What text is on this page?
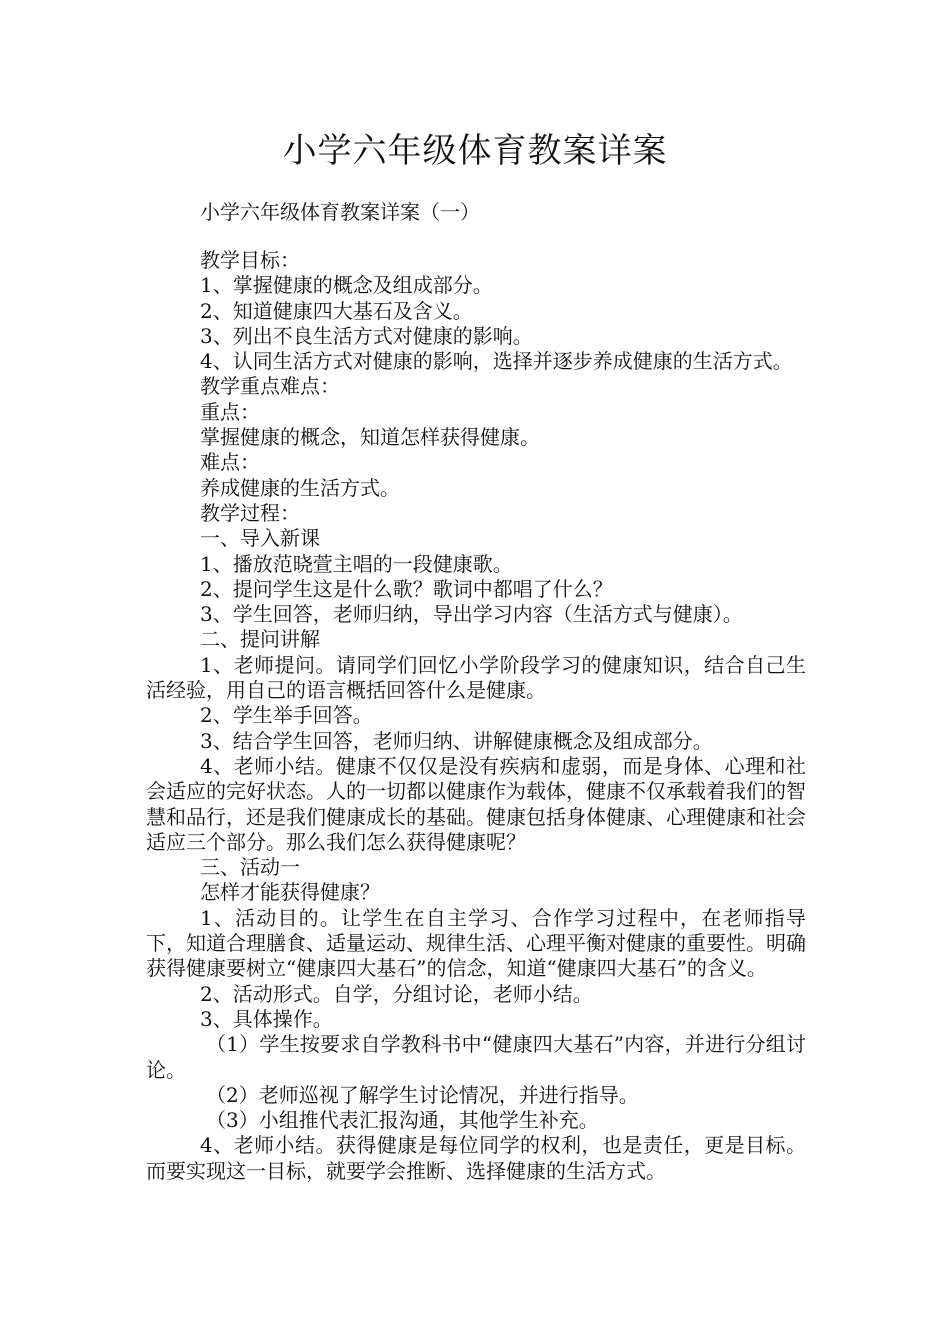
小学六年级体育教案详案

小学六年级体育教案详案（一）

教学目标：

1、掌握健康的概念及组成部分。

2、知道健康四大基石及含义。

3、列出不良生活方式对健康的影响。

4、认同生活方式对健康的影响，选择并逐步养成健康的生活方式。

教学重点难点：

重点：

掌握健康的概念，知道怎样获得健康。

难点：

养成健康的生活方式。

教学过程：

一、导入新课

1、播放范晓萱主唱的一段健康歌。

2、提问学生这是什么歌？歌词中都唱了什么？

3、学生回答，老师归纳，导出学习内容（生活方式与健康）。

二、提问讲解

1、老师提问。请同学们回忆小学阶段学习的健康知识，结合自己生活经验，用自己的语言概括回答什么是健康。

2、学生举手回答。

3、结合学生回答，老师归纳、讲解健康概念及组成部分。

4、老师小结。健康不仅仅是没有疾病和虚弱，而是身体、心理和社会适应的完好状态。人的一切都以健康作为载体，健康不仅承载着我们的智慧和品行，还是我们健康成长的基础。健康包括身体健康、心理健康和社会适应三个部分。那么我们怎么获得健康呢？

三、活动一

怎样才能获得健康？

1、活动目的。让学生在自主学习、合作学习过程中，在老师指导下，知道合理膳食、适量运动、规律生活、心理平衡对健康的重要性。明确获得健康要树立“健康四大基石”的信念，知道“健康四大基石”的含义。

2、活动形式。自学，分组讨论，老师小结。

3、具体操作。

（1）学生按要求自学教科书中“健康四大基石”内容，并进行分组讨论。

（2）老师巡视了解学生讨论情况，并进行指导。

（3）小组推代表汇报沟通，其他学生补充。

4、老师小结。获得健康是每位同学的权利，也是责任，更是目标。而要实现这一目标，就要学会推断、选择健康的生活方式。
